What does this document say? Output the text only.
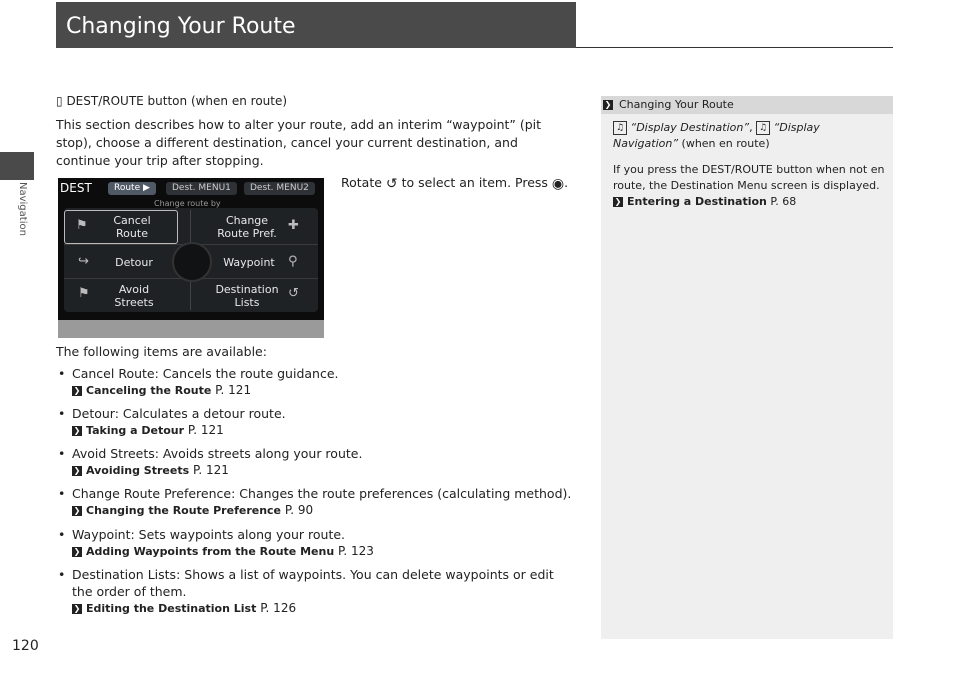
Changing Your Route
Navigation
▯ DEST/ROUTE button (when en route)
This section describes how to alter your route, add an interim “waypoint” (pit stop), choose a different destination, cancel your current destination, and continue your trip after stopping.
DEST	Route ▶	Dest. MENU1	Dest. MENU2
Change route by
⚑	Cancel
Route
Change
Route Pref.
✚
↪	Detour	Waypoint	⚲
⚑	Avoid
Streets
Destination
Lists
↺
Rotate ↺ to select an item. Press ◉.
The following items are available:
• Cancel Route: Cancels the route guidance.
❯ Canceling the Route P. 121
• Detour: Calculates a detour route.
❯ Taking a Detour P. 121
• Avoid Streets: Avoids streets along your route.
❯ Avoiding Streets P. 121
• Change Route Preference: Changes the route preferences (calculating method).
❯ Changing the Route Preference P. 90
• Waypoint: Sets waypoints along your route.
❯ Adding Waypoints from the Route Menu P. 123
• Destination Lists: Shows a list of waypoints. You can delete waypoints or edit the order of them.
❯ Editing the Destination List P. 126
❯ Changing Your Route
♫ “Display Destination”, ♫ “Display Navigation” (when en route)
If you press the DEST/ROUTE button when not en route, the Destination Menu screen is displayed.
❯ Entering a Destination P. 68
120
